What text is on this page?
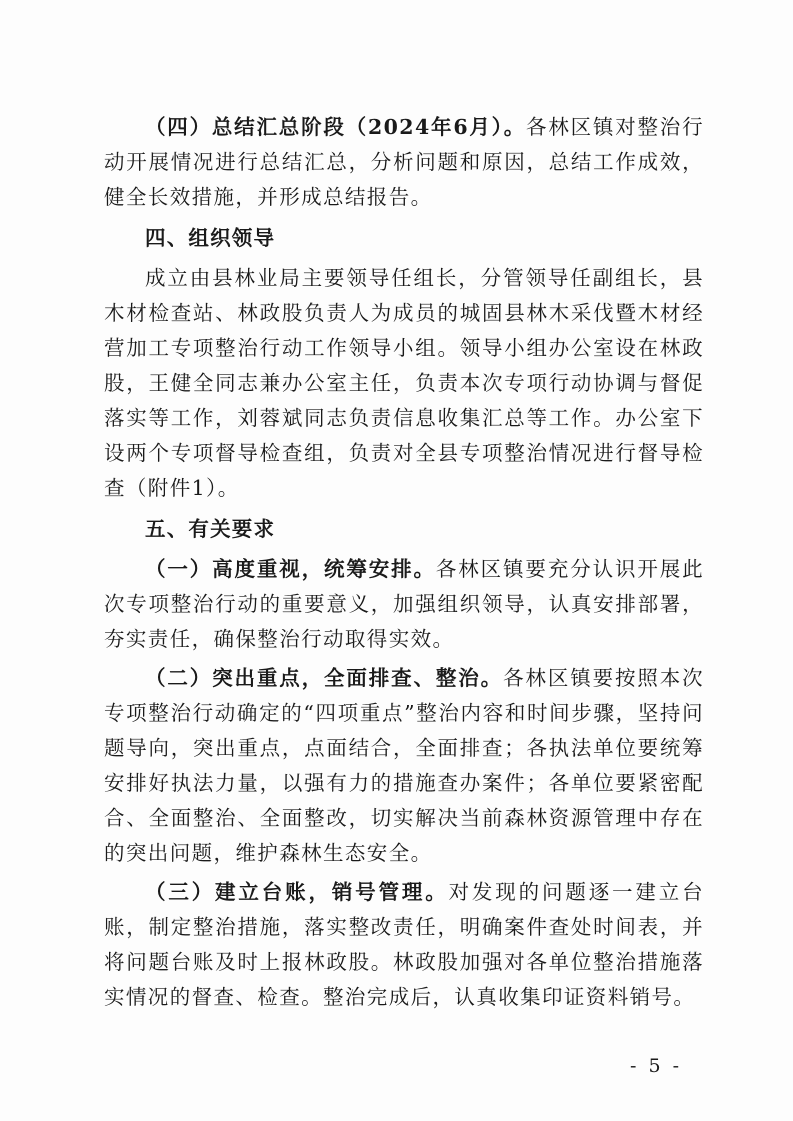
（四）总结汇总阶段（2024年6月）。各林区镇对整治行动开展情况进行总结汇总，分析问题和原因，总结工作成效，健全长效措施，并形成总结报告。

四、组织领导

成立由县林业局主要领导任组长，分管领导任副组长，县木材检查站、林政股负责人为成员的城固县林木采伐暨木材经营加工专项整治行动工作领导小组。领导小组办公室设在林政股，王健全同志兼办公室主任，负责本次专项行动协调与督促落实等工作，刘蓉斌同志负责信息收集汇总等工作。办公室下设两个专项督导检查组，负责对全县专项整治情况进行督导检查（附件1）。

五、有关要求

（一）高度重视，统筹安排。各林区镇要充分认识开展此次专项整治行动的重要意义，加强组织领导，认真安排部署，夯实责任，确保整治行动取得实效。

（二）突出重点，全面排查、整治。各林区镇要按照本次专项整治行动确定的“四项重点”整治内容和时间步骤，坚持问题导向，突出重点，点面结合，全面排查；各执法单位要统筹安排好执法力量，以强有力的措施查办案件；各单位要紧密配合、全面整治、全面整改，切实解决当前森林资源管理中存在的突出问题，维护森林生态安全。

（三）建立台账，销号管理。对发现的问题逐一建立台账，制定整治措施，落实整改责任，明确案件查处时间表，并将问题台账及时上报林政股。林政股加强对各单位整治措施落实情况的督查、检查。整治完成后，认真收集印证资料销号。

- 5 -
